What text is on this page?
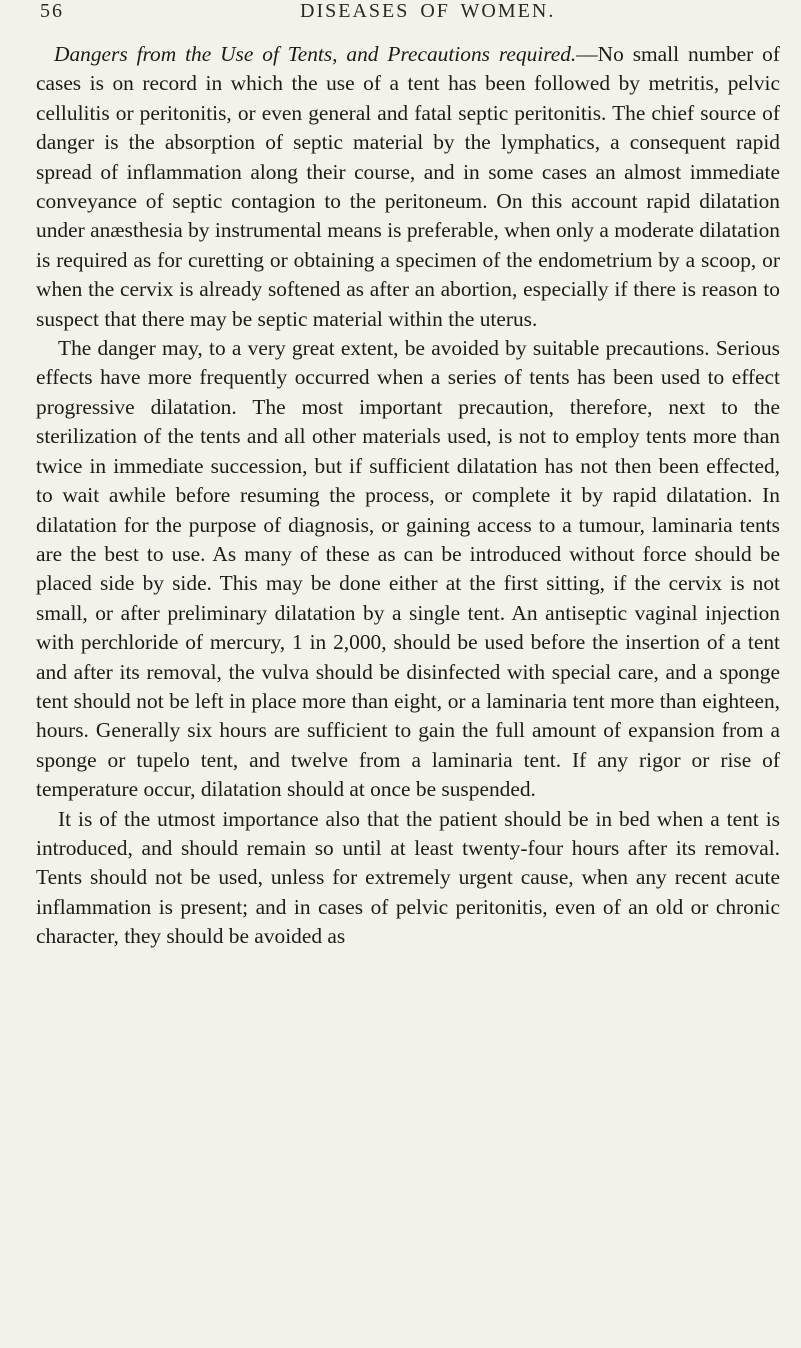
56	DISEASES OF WOMEN.

Dangers from the Use of Tents, and Precautions required.—No small number of cases is on record in which the use of a tent has been followed by metritis, pelvic cellulitis or peritonitis, or even general and fatal septic peritonitis. The chief source of danger is the absorption of septic material by the lymphatics, a consequent rapid spread of inflammation along their course, and in some cases an almost immediate conveyance of septic contagion to the peritoneum. On this account rapid dilatation under anæsthesia by instrumental means is preferable, when only a moderate dilatation is required as for curetting or obtaining a specimen of the endometrium by a scoop, or when the cervix is already softened as after an abortion, especially if there is reason to suspect that there may be septic material within the uterus.

The danger may, to a very great extent, be avoided by suitable precautions. Serious effects have more frequently occurred when a series of tents has been used to effect progressive dilatation. The most important precaution, therefore, next to the sterilization of the tents and all other materials used, is not to employ tents more than twice in immediate succession, but if sufficient dilatation has not then been effected, to wait awhile before resuming the process, or complete it by rapid dilatation. In dilatation for the purpose of diagnosis, or gaining access to a tumour, laminaria tents are the best to use. As many of these as can be introduced without force should be placed side by side. This may be done either at the first sitting, if the cervix is not small, or after preliminary dilatation by a single tent. An antiseptic vaginal injection with perchloride of mercury, 1 in 2,000, should be used before the insertion of a tent and after its removal, the vulva should be disinfected with special care, and a sponge tent should not be left in place more than eight, or a laminaria tent more than eighteen, hours. Generally six hours are sufficient to gain the full amount of expansion from a sponge or tupelo tent, and twelve from a laminaria tent. If any rigor or rise of temperature occur, dilatation should at once be suspended.

It is of the utmost importance also that the patient should be in bed when a tent is introduced, and should remain so until at least twenty-four hours after its removal. Tents should not be used, unless for extremely urgent cause, when any recent acute inflammation is present; and in cases of pelvic peritonitis, even of an old or chronic character, they should be avoided as
